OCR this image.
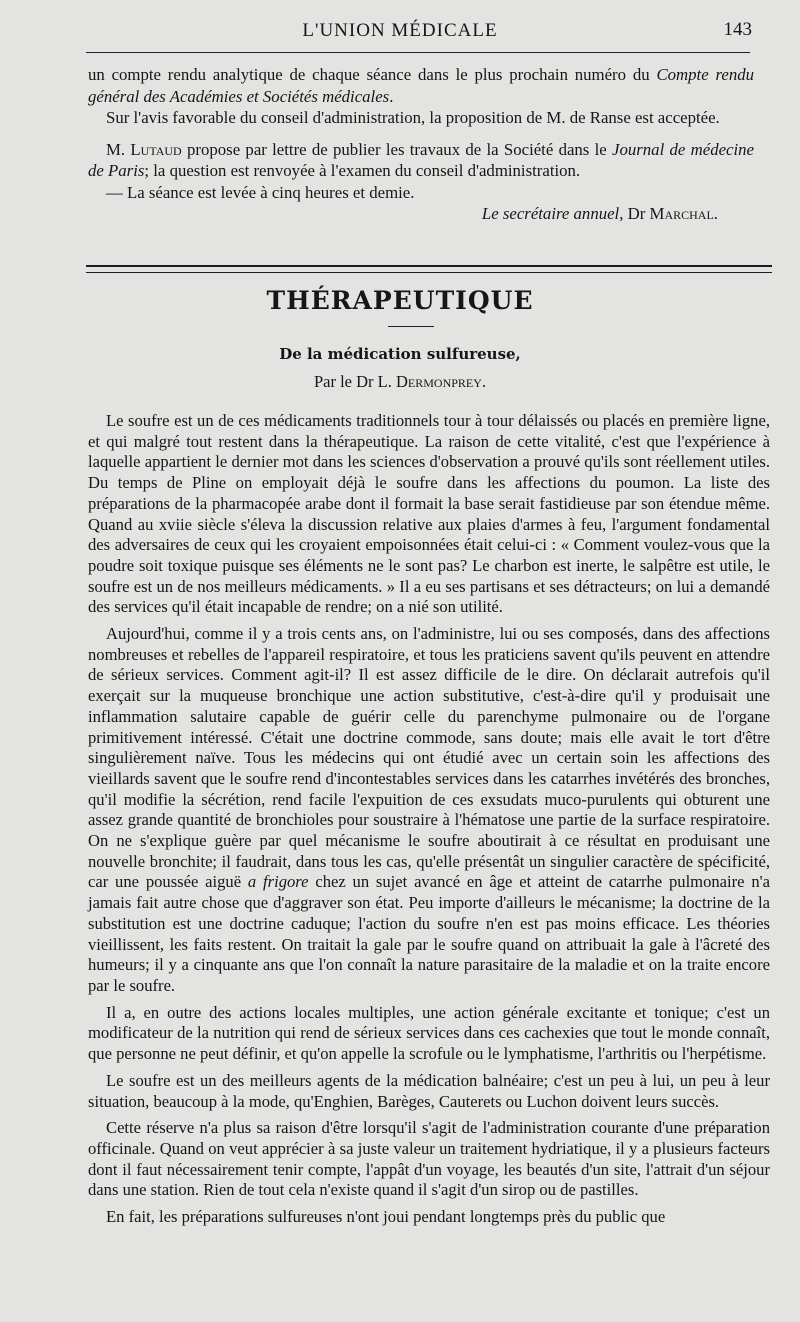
L'UNION MÉDICALE	143

un compte rendu analytique de chaque séance dans le plus prochain numéro du Compte rendu général des Académies et Sociétés médicales.

Sur l'avis favorable du conseil d'administration, la proposition de M. de Ranse est acceptée.

M. Lutaud propose par lettre de publier les travaux de la Société dans le Journal de médecine de Paris; la question est renvoyée à l'examen du conseil d'administration.

— La séance est levée à cinq heures et demie.

Le secrétaire annuel, Dr Marchal.

THÉRAPEUTIQUE
De la médication sulfureuse,
Par le Dr L. Dermonprey.

Le soufre est un de ces médicaments traditionnels tour à tour délaissés ou placés en première ligne, et qui malgré tout restent dans la thérapeutique. La raison de cette vitalité, c'est que l'expérience à laquelle appartient le dernier mot dans les sciences d'observation a prouvé qu'ils sont réellement utiles. Du temps de Pline on employait déjà le soufre dans les affections du poumon. La liste des préparations de la pharmacopée arabe dont il formait la base serait fastidieuse par son étendue même. Quand au xviie siècle s'éleva la discussion relative aux plaies d'armes à feu, l'argument fondamental des adversaires de ceux qui les croyaient empoisonnées était celui-ci : « Comment voulez-vous que la poudre soit toxique puisque ses éléments ne le sont pas? Le charbon est inerte, le salpêtre est utile, le soufre est un de nos meilleurs médicaments. » Il a eu ses partisans et ses détracteurs; on lui a demandé des services qu'il était incapable de rendre; on a nié son utilité.

Aujourd'hui, comme il y a trois cents ans, on l'administre, lui ou ses composés, dans des affections nombreuses et rebelles de l'appareil respiratoire, et tous les praticiens savent qu'ils peuvent en attendre de sérieux services. Comment agit-il? Il est assez difficile de le dire. On déclarait autrefois qu'il exerçait sur la muqueuse bronchique une action substitutive, c'est-à-dire qu'il y produisait une inflammation salutaire capable de guérir celle du parenchyme pulmonaire ou de l'organe primitivement intéressé. C'était une doctrine commode, sans doute; mais elle avait le tort d'être singulièrement naïve. Tous les médecins qui ont étudié avec un certain soin les affections des vieillards savent que le soufre rend d'incontestables services dans les catarrhes invétérés des bronches, qu'il modifie la sécrétion, rend facile l'expuition de ces exsudats muco-purulents qui obturent une assez grande quantité de bronchioles pour soustraire à l'hématose une partie de la surface respiratoire. On ne s'explique guère par quel mécanisme le soufre aboutirait à ce résultat en produisant une nouvelle bronchite; il faudrait, dans tous les cas, qu'elle présentât un singulier caractère de spécificité, car une poussée aiguë a frigore chez un sujet avancé en âge et atteint de catarrhe pulmonaire n'a jamais fait autre chose que d'aggraver son état. Peu importe d'ailleurs le mécanisme; la doctrine de la substitution est une doctrine caduque; l'action du soufre n'en est pas moins efficace. Les théories vieillissent, les faits restent. On traitait la gale par le soufre quand on attribuait la gale à l'âcreté des humeurs; il y a cinquante ans que l'on connaît la nature parasitaire de la maladie et on la traite encore par le soufre.

Il a, en outre des actions locales multiples, une action générale excitante et tonique; c'est un modificateur de la nutrition qui rend de sérieux services dans ces cachexies que tout le monde connaît, que personne ne peut définir, et qu'on appelle la scrofule ou le lymphatisme, l'arthritis ou l'herpétisme.

Le soufre est un des meilleurs agents de la médication balnéaire; c'est un peu à lui, un peu à leur situation, beaucoup à la mode, qu'Enghien, Barèges, Cauterets ou Luchon doivent leurs succès.

Cette réserve n'a plus sa raison d'être lorsqu'il s'agit de l'administration courante d'une préparation officinale. Quand on veut apprécier à sa juste valeur un traitement hydriatique, il y a plusieurs facteurs dont il faut nécessairement tenir compte, l'appât d'un voyage, les beautés d'un site, l'attrait d'un séjour dans une station. Rien de tout cela n'existe quand il s'agit d'un sirop ou de pastilles.

En fait, les préparations sulfureuses n'ont joui pendant longtemps près du public que
